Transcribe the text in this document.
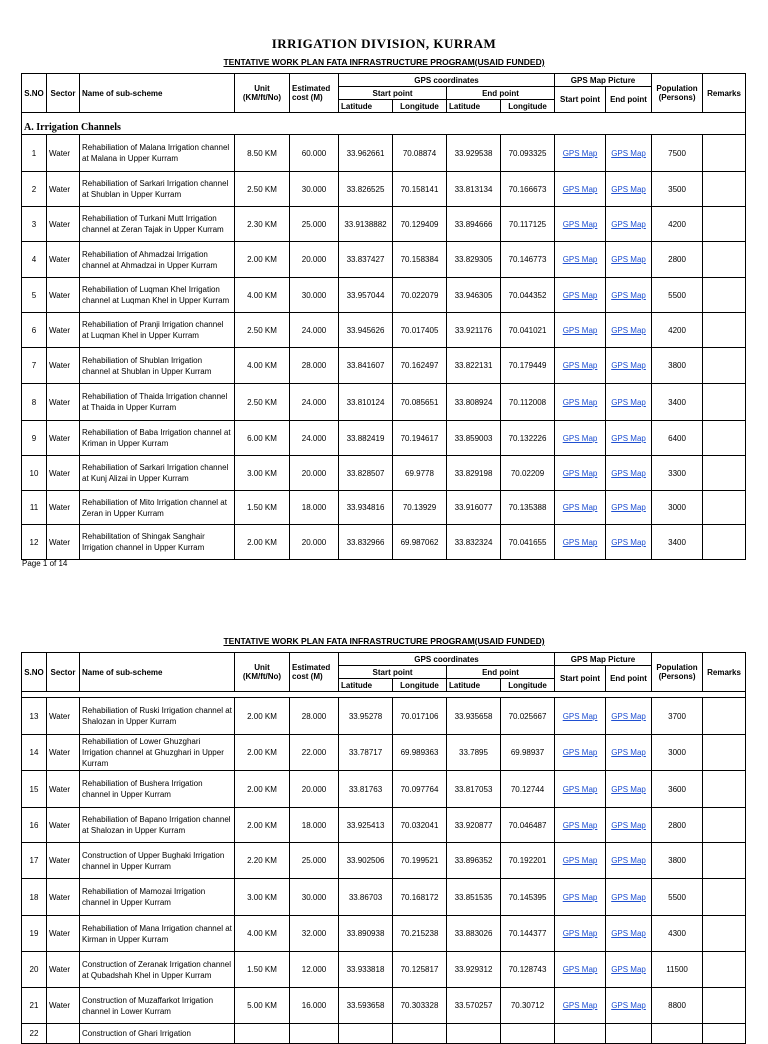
IRRIGATION DIVISION, KURRAM
TENTATIVE WORK PLAN FATA INFRASTRUCTURE PROGRAM(USAID FUNDED)
S.NO	Sector	Name of sub-scheme	Unit (KM/ft/No)	Estimated cost (M)	GPS coordinates				GPS Map Picture		Population (Persons)	Remarks
					Start point		End point		Start point	End point		
					Latitude	Longitude	Latitude	Longitude				

A. Irrigation Channels												
1	Water	Rehabiliation of Malana Irrigation channel at Malana in Upper Kurram	8.50 KM	60.000	33.962661	70.08874	33.929538	70.093325	GPS Map	GPS Map	7500	
2	Water	Rehabiliation of Sarkari Irrigation channel at Shublan in Upper Kurram	2.50 KM	30.000	33.826525	70.158141	33.813134	70.166673	GPS Map	GPS Map	3500	
3	Water	Rehabiliation of Turkani Mutt Irrigation channel at Zeran Tajak in Upper Kurram	2.30 KM	25.000	33.9138882	70.129409	33.894666	70.117125	GPS Map	GPS Map	4200	
4	Water	Rehabiliation of Ahmadzai Irrigation channel at Ahmadzai in Upper Kurram	2.00 KM	20.000	33.837427	70.158384	33.829305	70.146773	GPS Map	GPS Map	2800	
5	Water	Rehabiliation of Luqman Khel Irrigation channel at Luqman Khel in Upper Kurram	4.00 KM	30.000	33.957044	70.022079	33.946305	70.044352	GPS Map	GPS Map	5500	
6	Water	Rehabiliation of Pranji Irrigation channel at Luqman Khel in Upper Kurram	2.50 KM	24.000	33.945626	70.017405	33.921176	70.041021	GPS Map	GPS Map	4200	
7	Water	Rehabiliation of Shublan Irrigation channel at Shublan in Upper Kurram	4.00 KM	28.000	33.841607	70.162497	33.822131	70.179449	GPS Map	GPS Map	3800	
8	Water	Rehabiliation of Thaida Irrigation channel at Thaida in Upper Kurram	2.50 KM	24.000	33.810124	70.085651	33.808924	70.112008	GPS Map	GPS Map	3400	
9	Water	Rehabiliation of Baba Irrigation channel at Kriman in Upper Kurram	6.00 KM	24.000	33.882419	70.194617	33.859003	70.132226	GPS Map	GPS Map	6400	
10	Water	Rehabiliation of Sarkari Irrigation channel at Kunj Alizai in Upper Kurram	3.00 KM	20.000	33.828507	69.9778	33.829198	70.02209	GPS Map	GPS Map	3300	
11	Water	Rehabiliation of Mito Irrigation channel at Zeran in Upper Kurram	1.50 KM	18.000	33.934816	70.13929	33.916077	70.135388	GPS Map	GPS Map	3000	
12	Water	Rehabilitation of Shingak Sanghair Irrigation channel in Upper Kurram	2.00 KM	20.000	33.832966	69.987062	33.832324	70.041655	GPS Map	GPS Map	3400	
Page 1 of 14
TENTATIVE WORK PLAN FATA INFRASTRUCTURE PROGRAM(USAID FUNDED)
S.NO	Sector	Name of sub-scheme	Unit (KM/ft/No)	Estimated cost (M)	GPS coordinates				GPS Map Picture		Population (Persons)	Remarks
					Start point		End point		Start point	End point		
					Latitude	Longitude	Latitude	Longitude				

13	Water	Rehabiliation of Ruski Irrigation channel at Shalozan in Upper Kurram	2.00 KM	28.000	33.95278	70.017106	33.935658	70.025667	GPS Map	GPS Map	3700	
14	Water	Rehabiliation of Lower Ghuzghari Irrigation channel at Ghuzghari in Upper Kurram	2.00 KM	22.000	33.78717	69.989363	33.7895	69.98937	GPS Map	GPS Map	3000	
15	Water	Rehabiliation of Bushera Irrigation channel in Upper Kurram	2.00 KM	20.000	33.81763	70.097764	33.817053	70.12744	GPS Map	GPS Map	3600	
16	Water	Rehabiliation of Bapano Irrigation channel at Shalozan in Upper Kurram	2.00 KM	18.000	33.925413	70.032041	33.920877	70.046487	GPS Map	GPS Map	2800	
17	Water	Construction of Upper Bughaki Irrigation channel in Upper Kurram	2.20 KM	25.000	33.902506	70.199521	33.896352	70.192201	GPS Map	GPS Map	3800	
18	Water	Rehabiliation of Mamozai Irrigation channel in Upper Kurram	3.00 KM	30.000	33.86703	70.168172	33.851535	70.145395	GPS Map	GPS Map	5500	
19	Water	Rehabiliation of Mana Irrigation channel at Kirman in Upper Kurram	4.00 KM	32.000	33.890938	70.215238	33.883026	70.144377	GPS Map	GPS Map	4300	
20	Water	Construction of Zeranak Irrigation channel at Qubadshah Khel in Upper Kurram	1.50 KM	12.000	33.933818	70.125817	33.929312	70.128743	GPS Map	GPS Map	11500	
21	Water	Construction of Muzaffarkot Irrigation channel in Lower Kurram	5.00 KM	16.000	33.593658	70.303328	33.570257	70.30712	GPS Map	GPS Map	8800	
22		Construction of Ghari Irrigation										
